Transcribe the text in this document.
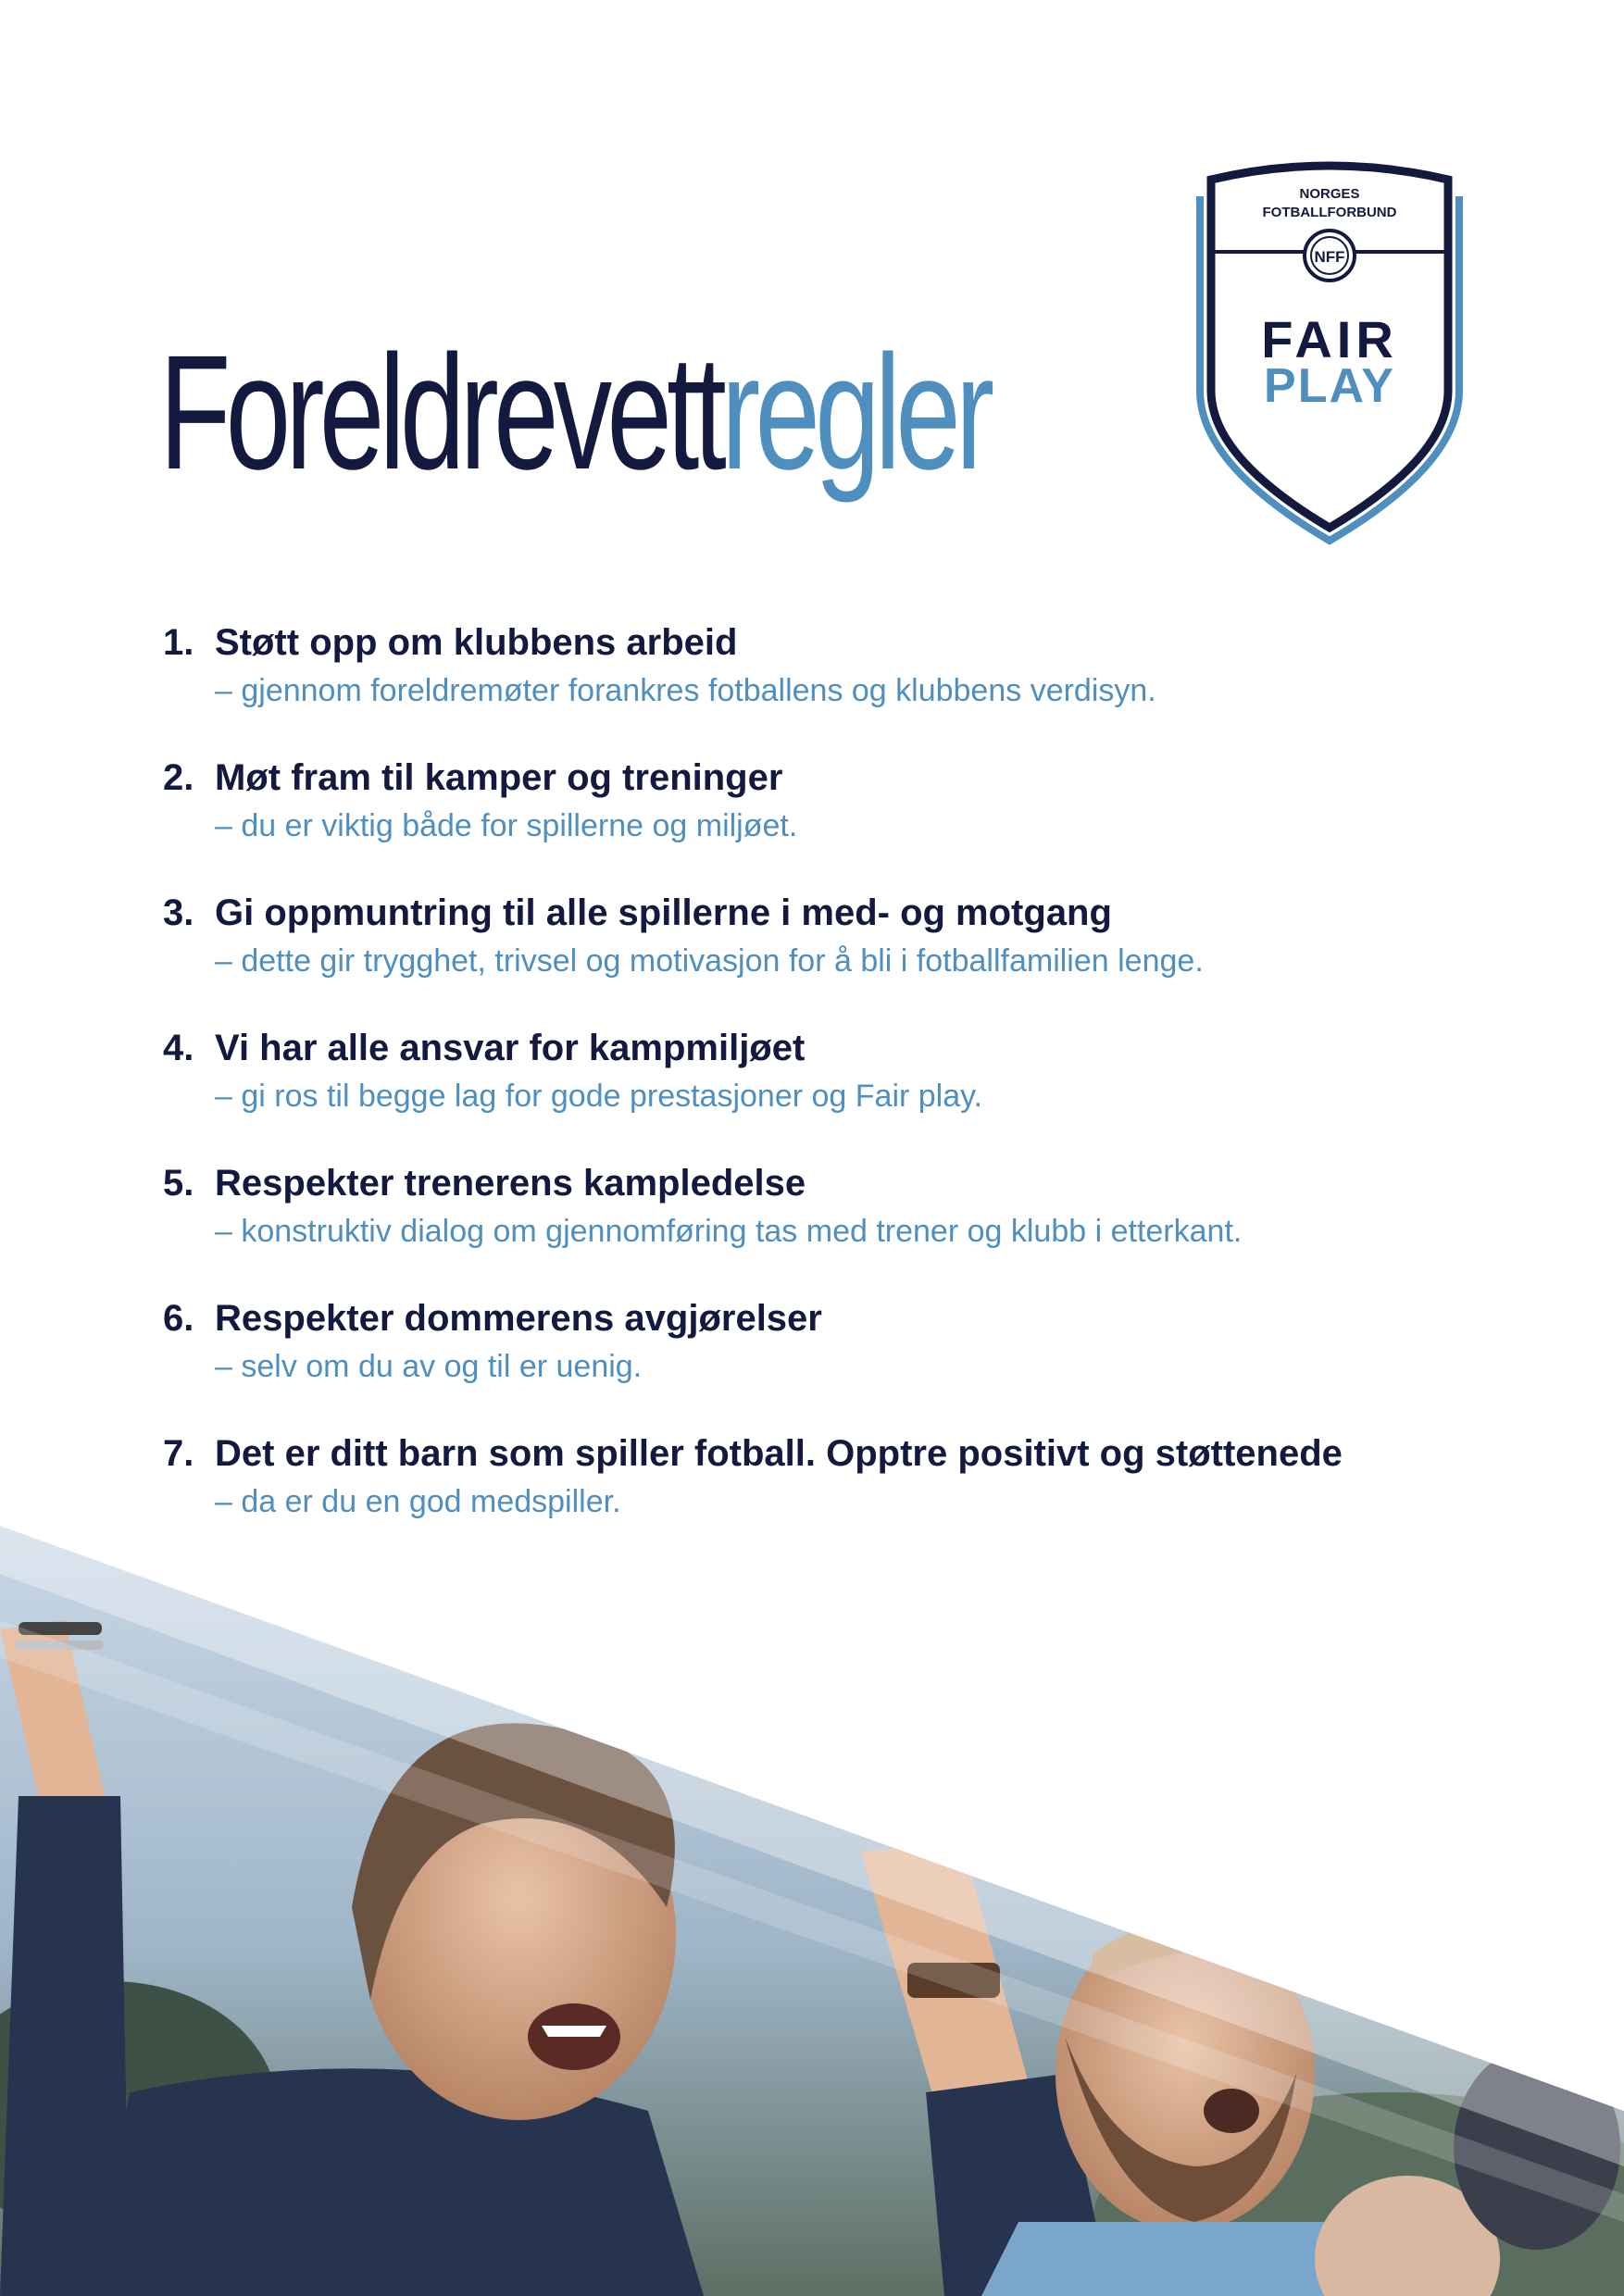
Foreldrevettregler
NORGES
FOTBALLFORBUND
NFF
FAIR
PLAY
1. Støtt opp om klubbens arbeid
– gjennom foreldremøter forankres fotballens og klubbens verdisyn.
2. Møt fram til kamper og treninger
– du er viktig både for spillerne og miljøet.
3. Gi oppmuntring til alle spillerne i med- og motgang
– dette gir trygghet, trivsel og motivasjon for å bli i fotballfamilien lenge.
4. Vi har alle ansvar for kampmiljøet
– gi ros til begge lag for gode prestasjoner og Fair play.
5. Respekter trenerens kampledelse
– konstruktiv dialog om gjennomføring tas med trener og klubb i etterkant.
6. Respekter dommerens avgjørelser
– selv om du av og til er uenig.
7. Det er ditt barn som spiller fotball. Opptre positivt og støttenede
– da er du en god medspiller.
